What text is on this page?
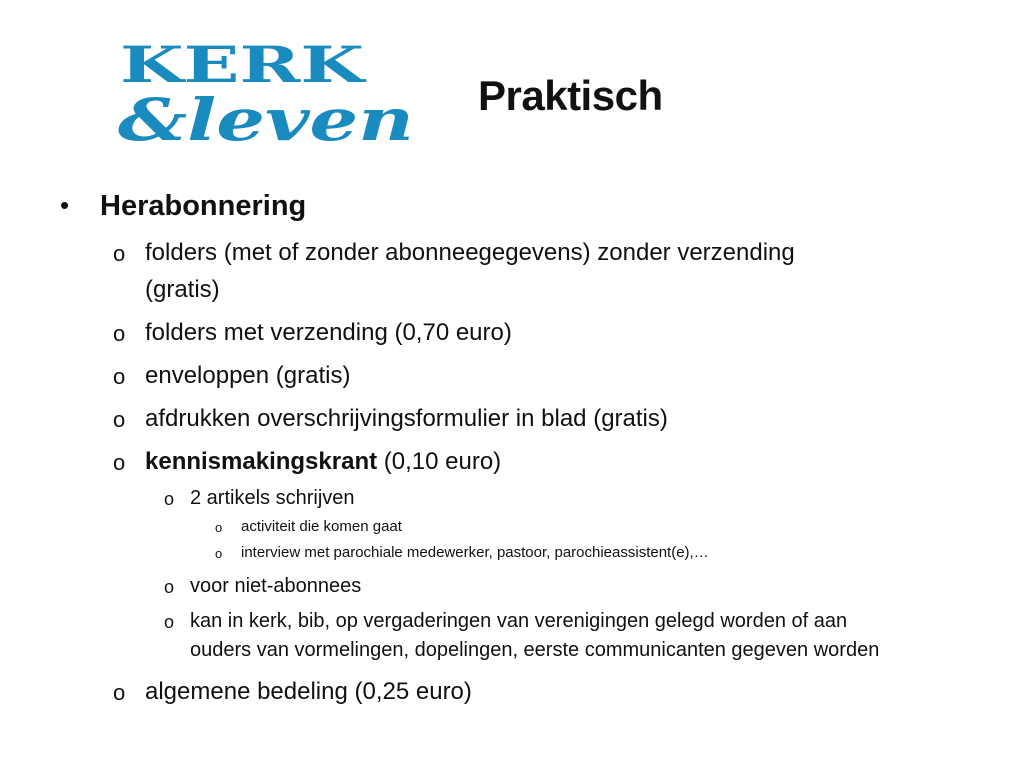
KERK
&leven Praktisch
• Herabonnering
o folders (met of zonder abonneegegevens) zonder verzending
(gratis)
o folders met verzending (0,70 euro)
o enveloppen (gratis)
o afdrukken overschrijvingsformulier in blad (gratis)
o kennismakingskrant (0,10 euro)
o 2 artikels schrijven
o activiteit die komen gaat
o interview met parochiale medewerker, pastoor, parochieassistent(e),…
o voor niet-abonnees
o kan in kerk, bib, op vergaderingen van verenigingen gelegd worden of aan
ouders van vormelingen, dopelingen, eerste communicanten gegeven worden
o algemene bedeling (0,25 euro)
